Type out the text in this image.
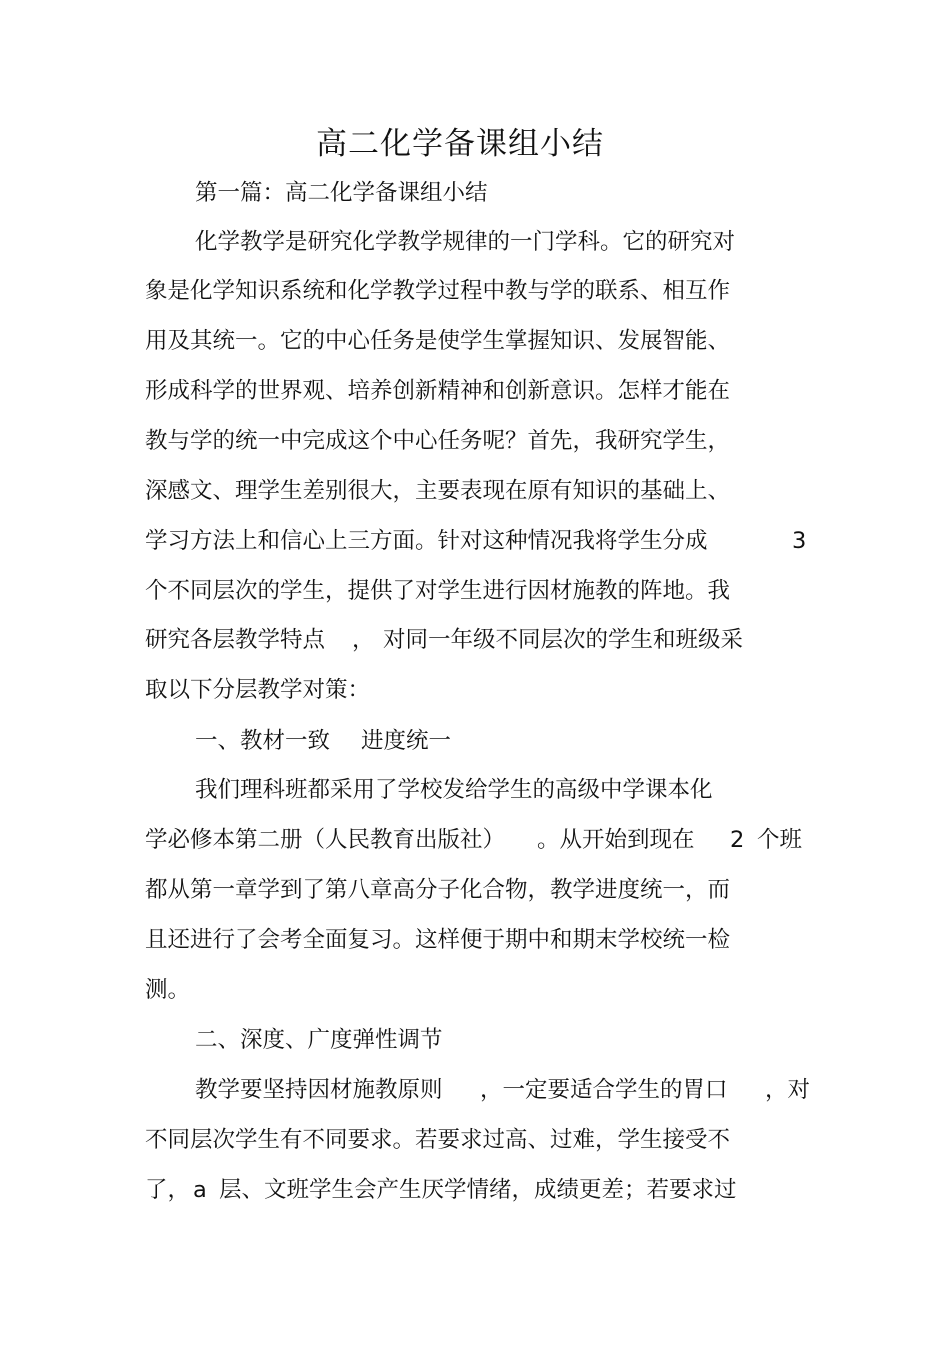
高二化学备课组小结
第一篇：高二化学备课组小结
化学教学是研究化学教学规律的一门学科。它的研究对
象是化学知识系统和化学教学过程中教与学的联系、相互作
用及其统一。它的中心任务是使学生掌握知识、发展智能、
形成科学的世界观、培养创新精神和创新意识。怎样才能在
教与学的统一中完成这个中心任务呢？首先，我研究学生，
深感文、理学生差别很大，主要表现在原有知识的基础上、
学习方法上和信心上三方面。针对这种情况我将学生分成	3
个不同层次的学生，提供了对学生进行因材施教的阵地。我
研究各层教学特点 ， 对同一年级不同层次的学生和班级采
取以下分层教学对策：
一、教材一致 进度统一
我们理科班都采用了学校发给学生的高级中学课本化
学必修本第二册（人民教育出版社） 。从开始到现在 2 个班
都从第一章学到了第八章高分子化合物，教学进度统一，而
且还进行了会考全面复习。这样便于期中和期末学校统一检
测。
二、深度、广度弹性调节
教学要坚持因材施教原则 ，一定要适合学生的胃口 ，对
不同层次学生有不同要求。若要求过高、过难，学生接受不
了， a 层、文班学生会产生厌学情绪，成绩更差；若要求过
